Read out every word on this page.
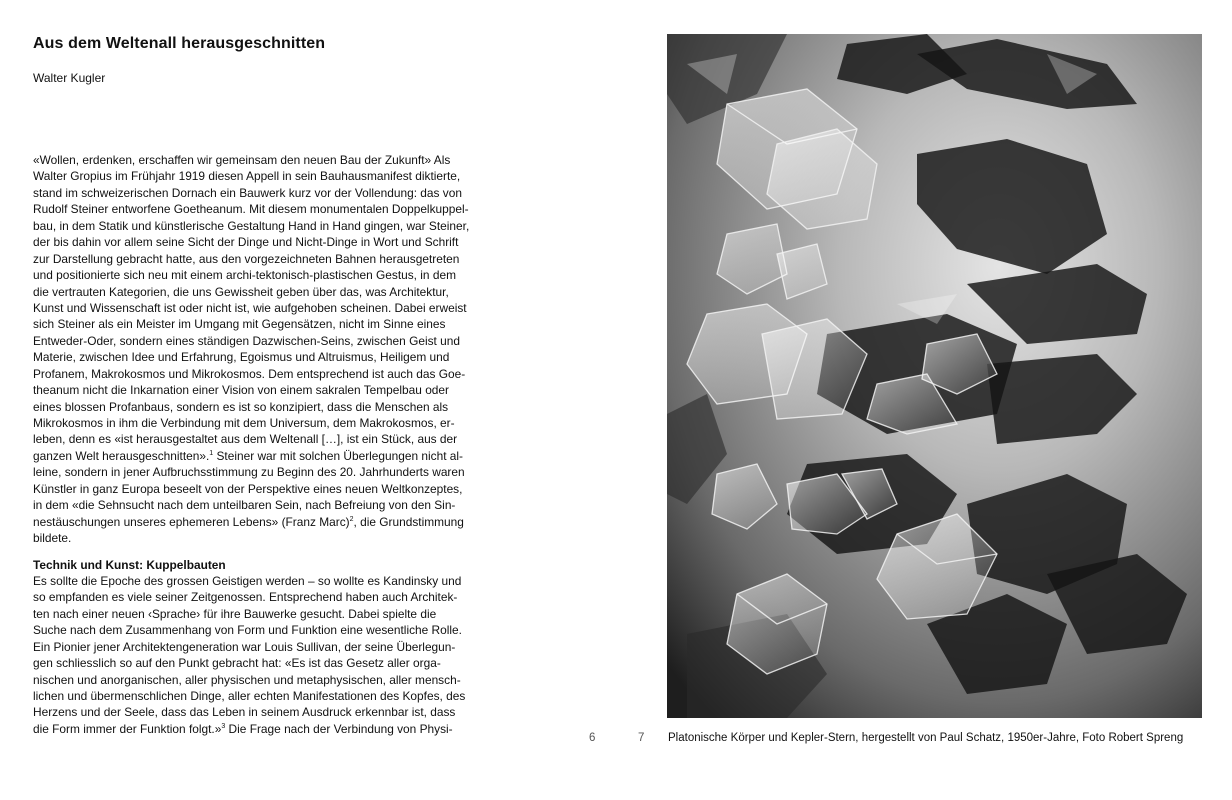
Aus dem Weltenall herausgeschnitten
Walter Kugler
«Wollen, erdenken, erschaffen wir gemeinsam den neuen Bau der Zukunft» Als
Walter Gropius im Frühjahr 1919 diesen Appell in sein Bauhausmanifest diktierte,
stand im schweizerischen Dornach ein Bauwerk kurz vor der Vollendung: das von
Rudolf Steiner entworfene Goetheanum. Mit diesem monumentalen Doppelkuppel-
bau, in dem Statik und künstlerische Gestaltung Hand in Hand gingen, war Steiner,
der bis dahin vor allem seine Sicht der Dinge und Nicht-Dinge in Wort und Schrift
zur Darstellung gebracht hatte, aus den vorgezeichneten Bahnen herausgetreten
und positionierte sich neu mit einem archi-tektonisch-plastischen Gestus, in dem
die vertrauten Kategorien, die uns Gewissheit geben über das, was Architektur,
Kunst und Wissenschaft ist oder nicht ist, wie aufgehoben scheinen. Dabei erweist
sich Steiner als ein Meister im Umgang mit Gegensätzen, nicht im Sinne eines
Entweder-Oder, sondern eines ständigen Dazwischen-Seins, zwischen Geist und
Materie, zwischen Idee und Erfahrung, Egoismus und Altruismus, Heiligem und
Profanem, Makrokosmos und Mikrokosmos. Dem entsprechend ist auch das Goe-
theanum nicht die Inkarnation einer Vision von einem sakralen Tempelbau oder
eines blossen Profanbaus, sondern es ist so konzipiert, dass die Menschen als
Mikrokosmos in ihm die Verbindung mit dem Universum, dem Makrokosmos, er-
leben, denn es «ist herausgestaltet aus dem Weltenall […], ist ein Stück, aus der
ganzen Welt herausgeschnitten».$^1$ Steiner war mit solchen Überlegungen nicht al-
leine, sondern in jener Aufbruchsstimmung zu Beginn des 20. Jahrhunderts waren
Künstler in ganz Europa beseelt von der Perspektive eines neuen Weltkonzeptes,
in dem «die Sehnsucht nach dem unteilbaren Sein, nach Befreiung von den Sin-
nestäuschungen unseres ephemeren Lebens» (Franz Marc)$^2$, die Grundstimmung
bildete.
Technik und Kunst: Kuppelbauten
Es sollte die Epoche des grossen Geistigen werden – so wollte es Kandinsky und
so empfanden es viele seiner Zeitgenossen. Entsprechend haben auch Architek-
ten nach einer neuen ‹Sprache› für ihre Bauwerke gesucht. Dabei spielte die
Suche nach dem Zusammenhang von Form und Funktion eine wesentliche Rolle.
Ein Pionier jener Architektengeneration war Louis Sullivan, der seine Überlegun-
gen schliesslich so auf den Punkt gebracht hat: «Es ist das Gesetz aller orga-
nischen und anorganischen, aller physischen und metaphysischen, aller mensch-
lichen und übermenschlichen Dinge, aller echten Manifestationen des Kopfes, des
Herzens und der Seele, dass das Leben in seinem Ausdruck erkennbar ist, dass
die Form immer der Funktion folgt.»$^3$ Die Frage nach der Verbindung von Physi-
6	7 Platonische Körper und Kepler-Stern, hergestellt von Paul Schatz, 1950er-Jahre, Foto Robert Spreng
